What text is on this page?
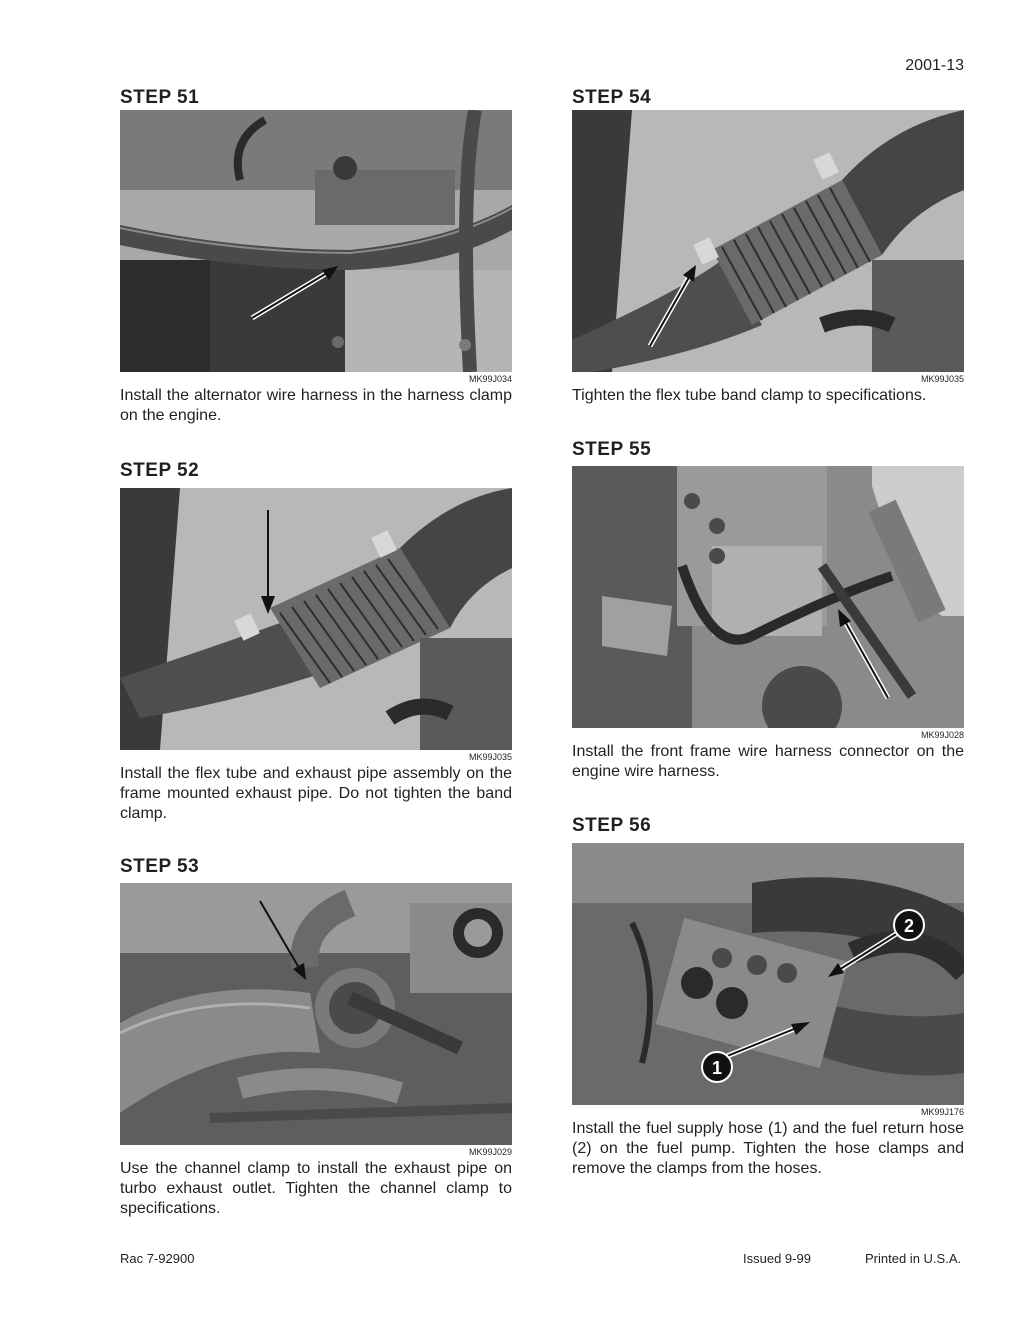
2001-13
STEP 51
MK99J034
Install the alternator wire harness in the harness clamp on the engine.
STEP 52
MK99J035
Install the flex tube and exhaust pipe assembly on the frame mounted exhaust pipe. Do not tighten the band clamp.
STEP 53
MK99J029
Use the channel clamp to install the exhaust pipe on turbo exhaust outlet. Tighten the channel clamp to specifications.
STEP 54
MK99J035
Tighten the flex tube band clamp to specifications.
STEP 55
MK99J028
Install the front frame wire harness connector on the engine wire harness.
STEP 56
1
2
MK99J176
Install the fuel supply hose (1) and the fuel return hose (2) on the fuel pump. Tighten the hose clamps and remove the clamps from the hoses.
Rac 7-92900	Issued 9-99	Printed in U.S.A.
